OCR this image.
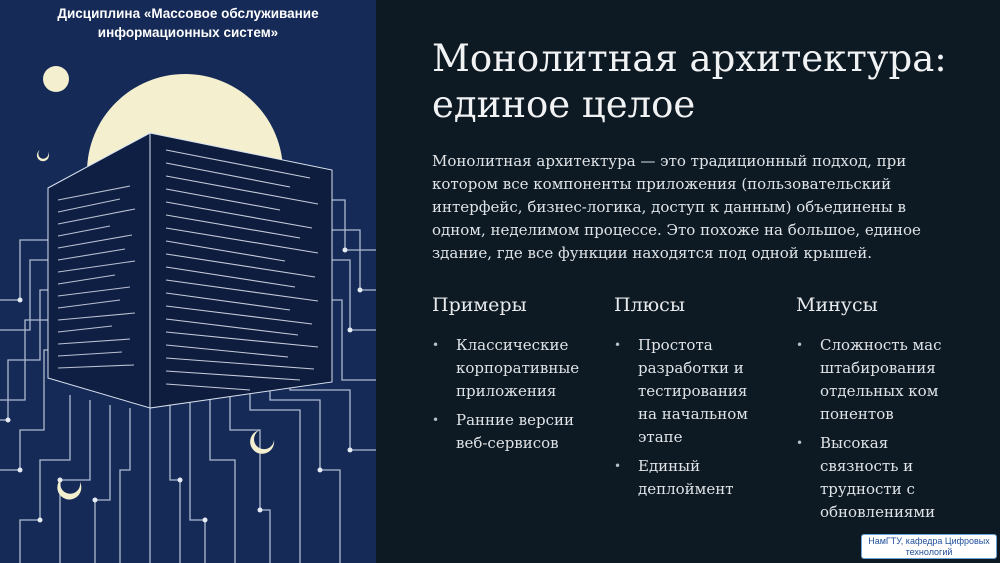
Дисциплина «Массовое обслуживание
информационных систем»
Монолитная архитектура:
единое целое

Монолитная архитектура — это традиционный подход, при котором все компоненты приложения (пользовательский интерфейс, бизнес-логика, доступ к данным) объединены в одном, неделимом процессе. Это похоже на большое, единое здание, где все функции находятся под одной крышей.

Примеры
• Классические корпоративные приложения
• Ранние версии веб-сервисов
Плюсы
• Простота разработки и тестирования на начальном этапе
• Единый деплоймент
Минусы
• Сложность масштабирования отдельных компонентов
• Высокая связность и трудности с обновлениями
НамГТУ, кафедра Цифровых
технологий
